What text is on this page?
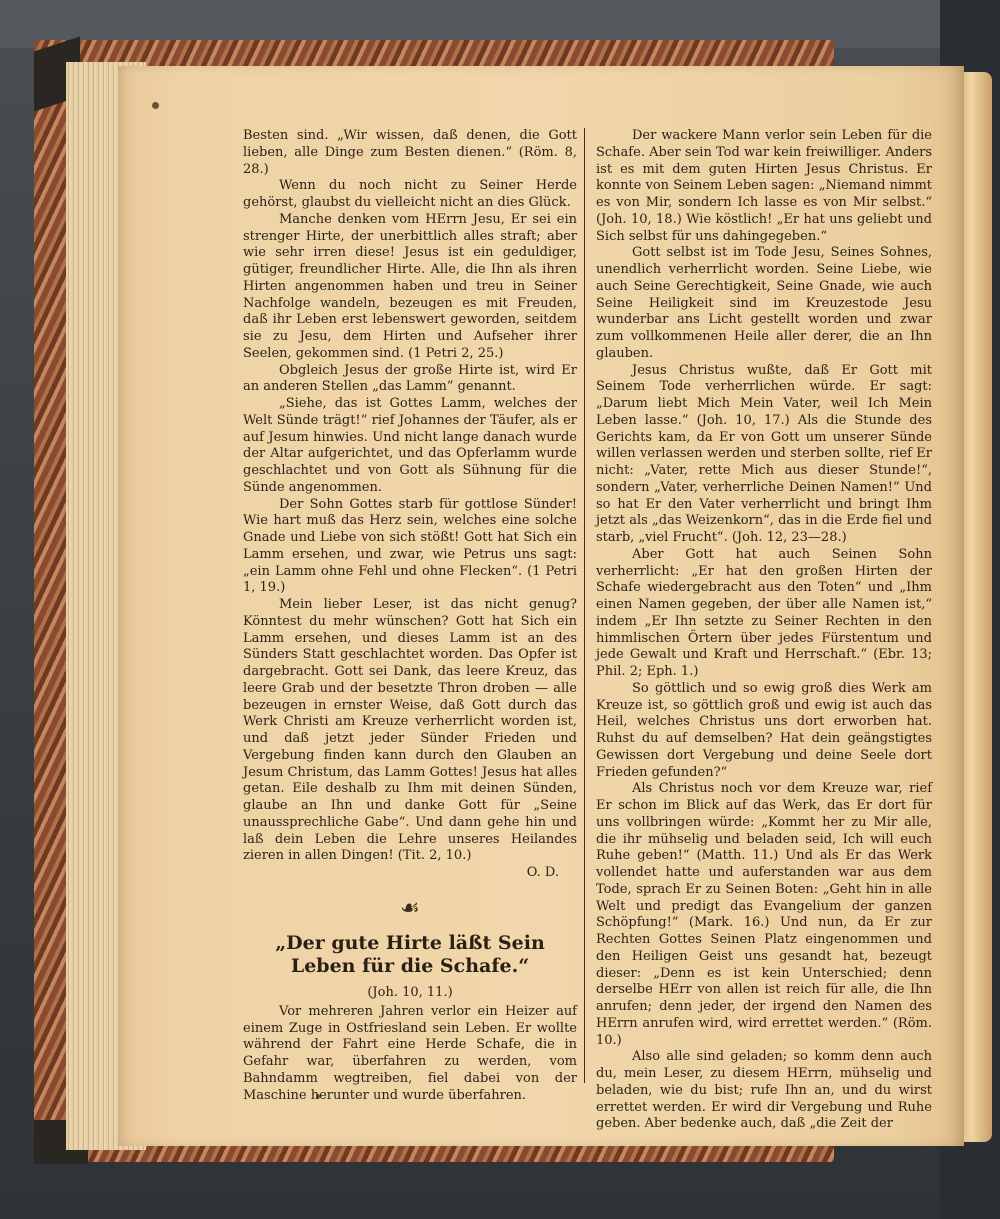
Besten sind. „Wir wissen, daß denen, die Gott lieben, alle Dinge zum Besten dienen.“ (Röm. 8, 28.)

Wenn du noch nicht zu Seiner Herde gehörst, glaubst du vielleicht nicht an dies Glück.

Manche denken vom HErrn Jesu, Er sei ein strenger Hirte, der unerbittlich alles straft; aber wie sehr irren diese! Jesus ist ein geduldiger, gütiger, freundlicher Hirte. Alle, die Ihn als ihren Hirten angenommen haben und treu in Seiner Nachfolge wandeln, bezeugen es mit Freuden, daß ihr Leben erst lebenswert geworden, seitdem sie zu Jesu, dem Hirten und Aufseher ihrer Seelen, gekommen sind. (1 Petri 2, 25.)

Obgleich Jesus der große Hirte ist, wird Er an anderen Stellen „das Lamm“ genannt.

„Siehe, das ist Gottes Lamm, welches der Welt Sünde trägt!“ rief Johannes der Täufer, als er auf Jesum hinwies. Und nicht lange danach wurde der Altar aufgerichtet, und das Opferlamm wurde geschlachtet und von Gott als Sühnung für die Sünde angenommen.

Der Sohn Gottes starb für gottlose Sünder! Wie hart muß das Herz sein, welches eine solche Gnade und Liebe von sich stößt! Gott hat Sich ein Lamm ersehen, und zwar, wie Petrus uns sagt: „ein Lamm ohne Fehl und ohne Flecken“. (1 Petri 1, 19.)

Mein lieber Leser, ist das nicht genug? Könntest du mehr wünschen? Gott hat Sich ein Lamm ersehen, und dieses Lamm ist an des Sünders Statt geschlachtet worden. Das Opfer ist dargebracht. Gott sei Dank, das leere Kreuz, das leere Grab und der besetzte Thron droben — alle bezeugen in ernster Weise, daß Gott durch das Werk Christi am Kreuze verherrlicht worden ist, und daß jetzt jeder Sünder Frieden und Vergebung finden kann durch den Glauben an Jesum Christum, das Lamm Gottes! Jesus hat alles getan. Eile deshalb zu Ihm mit deinen Sünden, glaube an Ihn und danke Gott für „Seine unaussprechliche Gabe“. Und dann gehe hin und laß dein Leben die Lehre unseres Heilandes zieren in allen Dingen! (Tit. 2, 10.)

O. D.
☙
„Der gute Hirte läßt Sein Leben für die Schafe.“
(Joh. 10, 11.)

Vor mehreren Jahren verlor ein Heizer auf einem Zuge in Ostfriesland sein Leben. Er wollte während der Fahrt eine Herde Schafe, die in Gefahr war, überfahren zu werden, vom Bahndamm wegtreiben, fiel dabei von der Maschine herunter und wurde überfahren.

Der wackere Mann verlor sein Leben für die Schafe. Aber sein Tod war kein freiwilliger. Anders ist es mit dem guten Hirten Jesus Christus. Er konnte von Seinem Leben sagen: „Niemand nimmt es von Mir, sondern Ich lasse es von Mir selbst.“ (Joh. 10, 18.) Wie köstlich! „Er hat uns geliebt und Sich selbst für uns dahingegeben.“

Gott selbst ist im Tode Jesu, Seines Sohnes, unendlich verherrlicht worden. Seine Liebe, wie auch Seine Gerechtigkeit, Seine Gnade, wie auch Seine Heiligkeit sind im Kreuzestode Jesu wunderbar ans Licht gestellt worden und zwar zum vollkommenen Heile aller derer, die an Ihn glauben.

Jesus Christus wußte, daß Er Gott mit Seinem Tode verherrlichen würde. Er sagt: „Darum liebt Mich Mein Vater, weil Ich Mein Leben lasse.“ (Joh. 10, 17.) Als die Stunde des Gerichts kam, da Er von Gott um unserer Sünde willen verlassen werden und sterben sollte, rief Er nicht: „Vater, rette Mich aus dieser Stunde!“, sondern „Vater, verherrliche Deinen Namen!“ Und so hat Er den Vater verherrlicht und bringt Ihm jetzt als „das Weizenkorn“, das in die Erde fiel und starb, „viel Frucht“. (Joh. 12, 23—28.)

Aber Gott hat auch Seinen Sohn verherrlicht: „Er hat den großen Hirten der Schafe wiedergebracht aus den Toten“ und „Ihm einen Namen gegeben, der über alle Namen ist,“ indem „Er Ihn setzte zu Seiner Rechten in den himmlischen Örtern über jedes Fürstentum und jede Gewalt und Kraft und Herrschaft.“ (Ebr. 13; Phil. 2; Eph. 1.)

So göttlich und so ewig groß dies Werk am Kreuze ist, so göttlich groß und ewig ist auch das Heil, welches Christus uns dort erworben hat. Ruhst du auf demselben? Hat dein geängstigtes Gewissen dort Vergebung und deine Seele dort Frieden gefunden?“

Als Christus noch vor dem Kreuze war, rief Er schon im Blick auf das Werk, das Er dort für uns vollbringen würde: „Kommt her zu Mir alle, die ihr mühselig und beladen seid, Ich will euch Ruhe geben!“ (Matth. 11.) Und als Er das Werk vollendet hatte und auferstanden war aus dem Tode, sprach Er zu Seinen Boten: „Geht hin in alle Welt und predigt das Evangelium der ganzen Schöpfung!“ (Mark. 16.) Und nun, da Er zur Rechten Gottes Seinen Platz eingenommen und den Heiligen Geist uns gesandt hat, bezeugt dieser: „Denn es ist kein Unterschied; denn derselbe HErr von allen ist reich für alle, die Ihn anrufen; denn jeder, der irgend den Namen des HErrn anrufen wird, wird errettet werden.“ (Röm. 10.)

Also alle sind geladen; so komm denn auch du, mein Leser, zu diesem HErrn, mühselig und beladen, wie du bist; rufe Ihn an, und du wirst errettet werden. Er wird dir Vergebung und Ruhe geben. Aber bedenke auch, daß „die Zeit der
